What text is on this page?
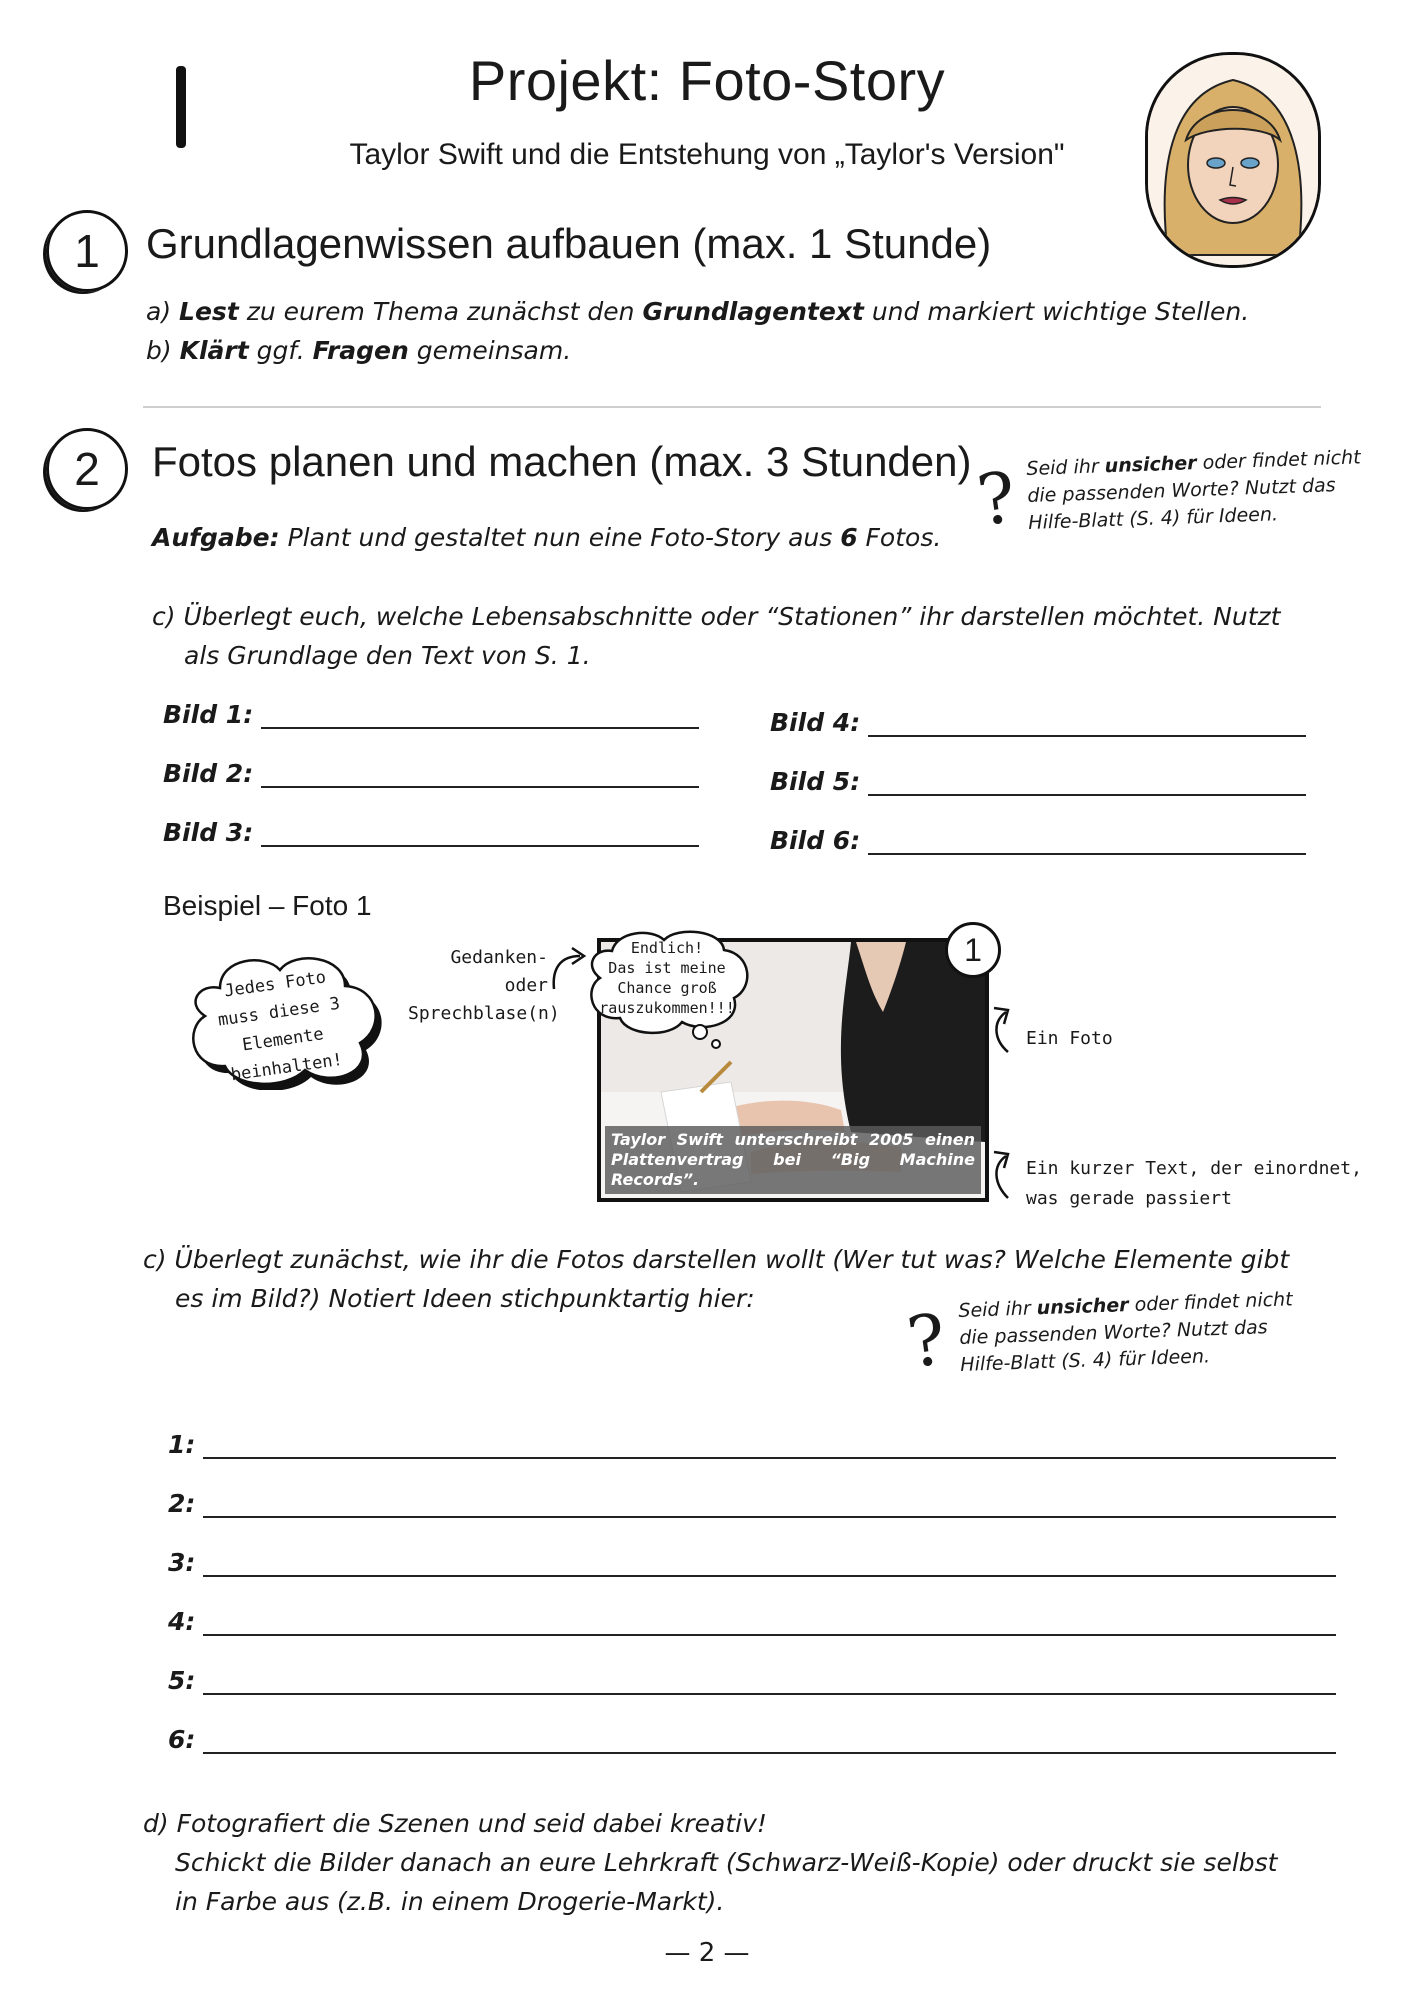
Projekt: Foto-Story
Taylor Swift und die Entstehung von „Taylor's Version"
1	Grundlagenwissen aufbauen (max. 1 Stunde)
a) Lest zu eurem Thema zunächst den Grundlagentext und markiert wichtige Stellen.
b) Klärt ggf. Fragen gemeinsam.
2	Fotos planen und machen (max. 3 Stunden)
Aufgabe: Plant und gestaltet nun eine Foto-Story aus 6 Fotos. ? Seid ihr unsicher oder findet nicht
die passenden Worte? Nutzt das
Hilfe-Blatt (S. 4) für Ideen.
c) Überlegt euch, welche Lebensabschnitte oder “Stationen” ihr darstellen möchtet. Nutzt
als Grundlage den Text von S. 1.
Bild 1:
Bild 2:
Bild 3:
Bild 4:
Bild 5:
Bild 6:
Beispiel – Foto 1
Jedes Foto
muss diese 3
Elemente beinhalten!
Gedanken- oder
Sprechblase(n)
Taylor Swift unterschreibt 2005 einen Plattenvertrag bei “Big Machine Records”.
1
Endlich!
Das ist meine
Chance groß
rauszukommen!!!
Ein Foto
Ein kurzer Text, der einordnet,
was gerade passiert
c) Überlegt zunächst, wie ihr die Fotos darstellen wollt (Wer tut was? Welche Elemente gibt
es im Bild?) Notiert Ideen stichpunktartig hier:	? Seid ihr unsicher oder findet nicht
die passenden Worte? Nutzt das
Hilfe-Blatt (S. 4) für Ideen.
1:
2:
3:
4:
5:
6:
d) Fotografiert die Szenen und seid dabei kreativ!
Schickt die Bilder danach an eure Lehrkraft (Schwarz-Weiß-Kopie) oder druckt sie selbst
in Farbe aus (z.B. in einem Drogerie-Markt).
— 2 —
